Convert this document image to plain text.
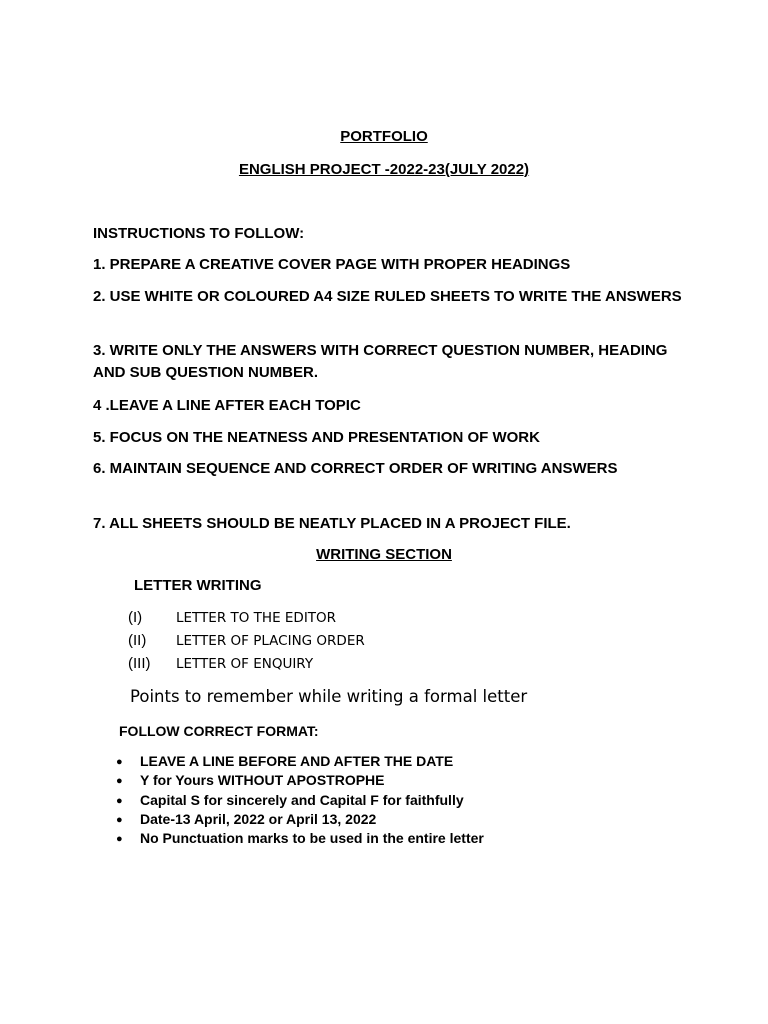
PORTFOLIO
ENGLISH PROJECT -2022-23(JULY 2022)
INSTRUCTIONS TO FOLLOW:
1. PREPARE A CREATIVE COVER PAGE WITH PROPER HEADINGS
2. USE WHITE OR COLOURED A4 SIZE RULED SHEETS TO WRITE THE ANSWERS
3. WRITE ONLY THE ANSWERS WITH CORRECT QUESTION NUMBER, HEADING AND SUB QUESTION NUMBER.
4 .LEAVE A LINE AFTER EACH TOPIC
5. FOCUS ON THE NEATNESS AND PRESENTATION OF WORK
6. MAINTAIN SEQUENCE AND CORRECT ORDER OF WRITING ANSWERS
7. ALL SHEETS SHOULD BE NEATLY PLACED IN A PROJECT FILE.
WRITING SECTION
LETTER WRITING
(I)	LETTER TO THE EDITOR
(II) LETTER OF PLACING ORDER
(III) LETTER OF ENQUIRY
Points to remember while writing a formal letter
FOLLOW CORRECT FORMAT:
● LEAVE A LINE BEFORE AND AFTER THE DATE
● Y for Yours WITHOUT APOSTROPHE
● Capital S for sincerely and Capital F for faithfully
● Date-13 April, 2022 or April 13, 2022
● No Punctuation marks to be used in the entire letter
